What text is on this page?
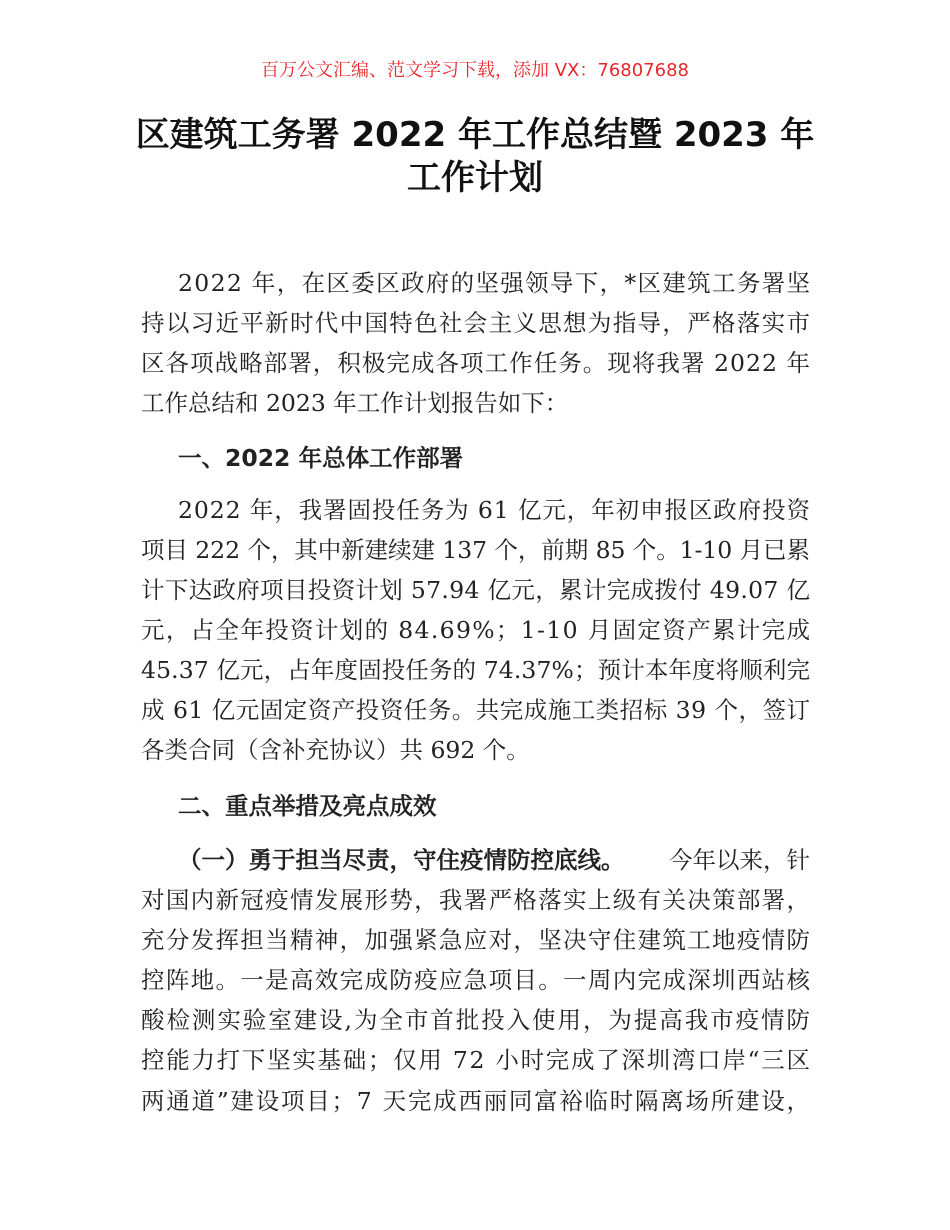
百万公文汇编、范文学习下载，添加 VX：76807688
区建筑工务署 2022 年工作总结暨 2023 年
工作计划
2022 年，在区委区政府的坚强领导下，*区建筑工务署坚
持以习近平新时代中国特色社会主义思想为指导，严格落实市
区各项战略部署，积极完成各项工作任务。现将我署 2022 年
工作总结和 2023 年工作计划报告如下：
一、2022 年总体工作部署
2022 年，我署固投任务为 61 亿元，年初申报区政府投资
项目 222 个，其中新建续建 137 个，前期 85 个。1-10 月已累
计下达政府项目投资计划 57.94 亿元，累计完成拨付 49.07 亿
元，占全年投资计划的 84.69%；1-10 月固定资产累计完成
45.37 亿元，占年度固投任务的 74.37%；预计本年度将顺利完
成 61 亿元固定资产投资任务。共完成施工类招标 39 个，签订
各类合同（含补充协议）共 692 个。
二、重点举措及亮点成效
（一）勇于担当尽责，守住疫情防控底线。 今年以来，针
对国内新冠疫情发展形势，我署严格落实上级有关决策部署，
充分发挥担当精神，加强紧急应对，坚决守住建筑工地疫情防
控阵地。一是高效完成防疫应急项目。一周内完成深圳西站核
酸检测实验室建设,为全市首批投入使用，为提高我市疫情防
控能力打下坚实基础；仅用 72 小时完成了深圳湾口岸“三区
两通道”建设项目；7 天完成西丽同富裕临时隔离场所建设，
